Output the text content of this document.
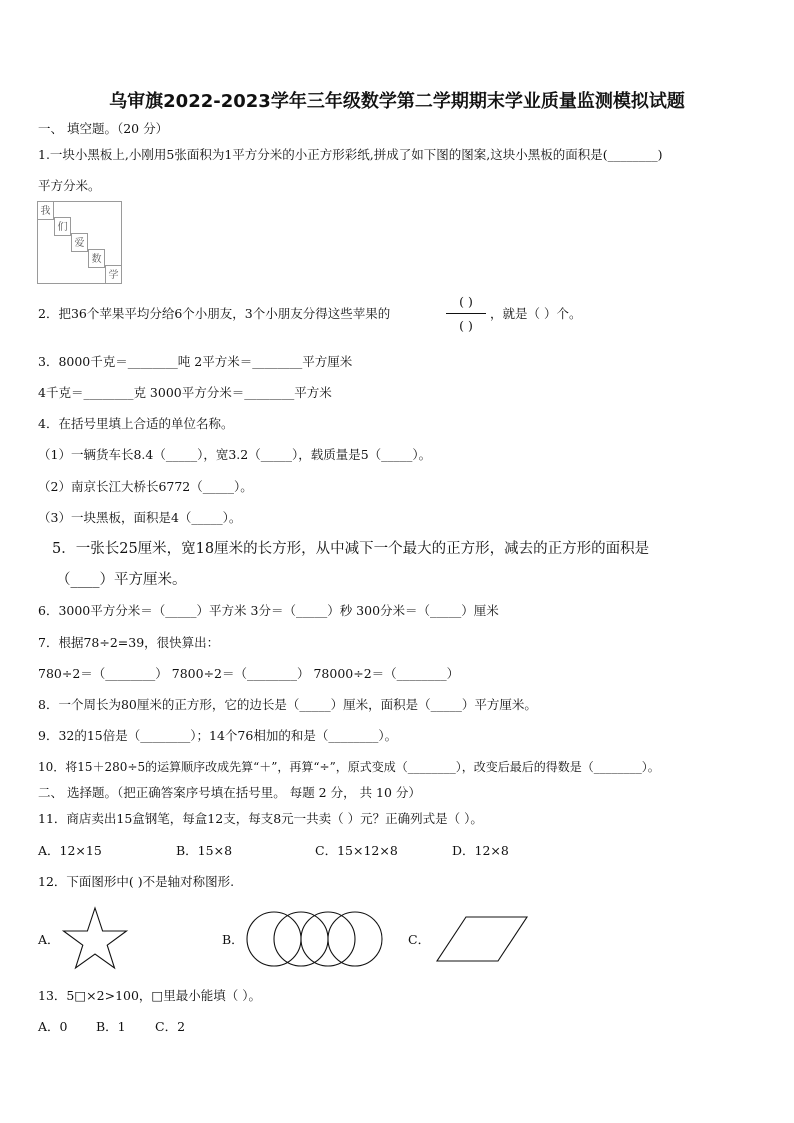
乌审旗2022-2023学年三年级数学第二学期期末学业质量监测模拟试题
一、 填空题。（20 分）
1.一块小黑板上,小刚用5张面积为1平方分米的小正方形彩纸,拼成了如下图的图案,这块小黑板的面积是(________)
平方分米。
我
们
爱
数
学
2．把36个苹果平均分给6个小朋友，3个小朋友分得这些苹果的
( )
( )
，就是（ ）个。
3．8000千克＝________吨 2平方米＝________平方厘米
4千克＝________克 3000平方分米＝________平方米
4．在括号里填上合适的单位名称。
（1）一辆货车长8.4（_____），宽3.2（_____），载质量是5（_____）。
（2）南京长江大桥长6772（_____）。
（3）一块黑板，面积是4（_____）。
5．一张长25厘米，宽18厘米的长方形，从中减下一个最大的正方形，减去的正方形的面积是
（____）平方厘米。
6．3000平方分米＝（_____）平方米 3分＝（_____）秒 300分米＝（_____）厘米
7．根据78÷2=39，很快算出：
780÷2＝（________） 7800÷2＝（________） 78000÷2＝（________）
8．一个周长为80厘米的正方形，它的边长是（_____）厘米，面积是（_____）平方厘米。
9．32的15倍是（________）；14个76相加的和是（________）。
10．将15＋280÷5的运算顺序改成先算“＋”，再算“÷”，原式变成（________），改变后最后的得数是（________）。
二、 选择题。（把正确答案序号填在括号里。 每题 2 分， 共 10 分）
11．商店卖出15盒钢笔，每盒12支，每支8元一共卖（ ）元？正确列式是（ ）。
A．12×15	B．15×8	C．15×12×8	D．12×8
12．下面图形中( )不是轴对称图形.
A．	B．	C．
13．5□×2>100，□里最小能填（ ）。
A．0 B．1 C．2
